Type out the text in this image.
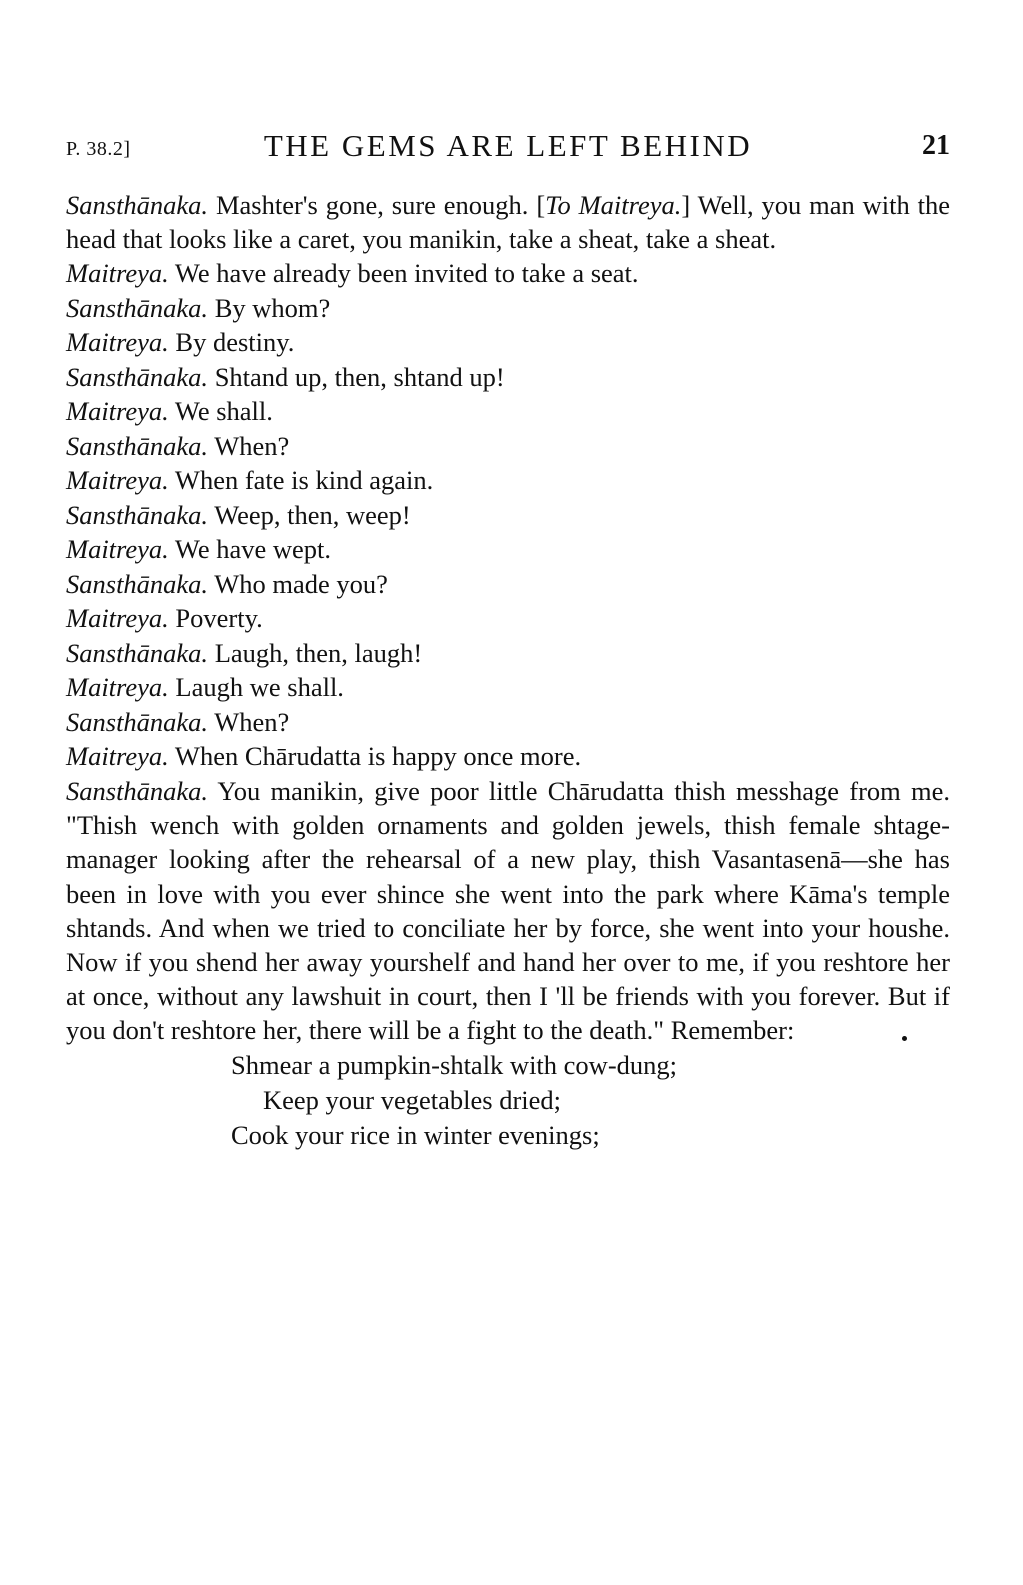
P. 38.2]	THE GEMS ARE LEFT BEHIND	21

Sansthānaka. Mashter's gone, sure enough. [To Maitreya.] Well, you man with the head that looks like a caret, you manikin, take a sheat, take a sheat.

Maitreya. We have already been invited to take a seat.

Sansthānaka. By whom?

Maitreya. By destiny.

Sansthānaka. Shtand up, then, shtand up!

Maitreya. We shall.

Sansthānaka. When?

Maitreya. When fate is kind again.

Sansthānaka. Weep, then, weep!

Maitreya. We have wept.

Sansthānaka. Who made you?

Maitreya. Poverty.

Sansthānaka. Laugh, then, laugh!

Maitreya. Laugh we shall.

Sansthānaka. When?

Maitreya. When Chārudatta is happy once more.

Sansthānaka. You manikin, give poor little Chārudatta thish messhage from me. "Thish wench with golden ornaments and golden jewels, thish female shtage-manager looking after the rehearsal of a new play, thish Vasantasenā—she has been in love with you ever shince she went into the park where Kāma's temple shtands. And when we tried to conciliate her by force, she went into your houshe. Now if you shend her away yourshelf and hand her over to me, if you reshtore her at once, without any lawshuit in court, then I 'll be friends with you forever. But if you don't reshtore her, there will be a fight to the death." Remember:

Shmear a pumpkin-shtalk with cow-dung;

Keep your vegetables dried;

Cook your rice in winter evenings;
